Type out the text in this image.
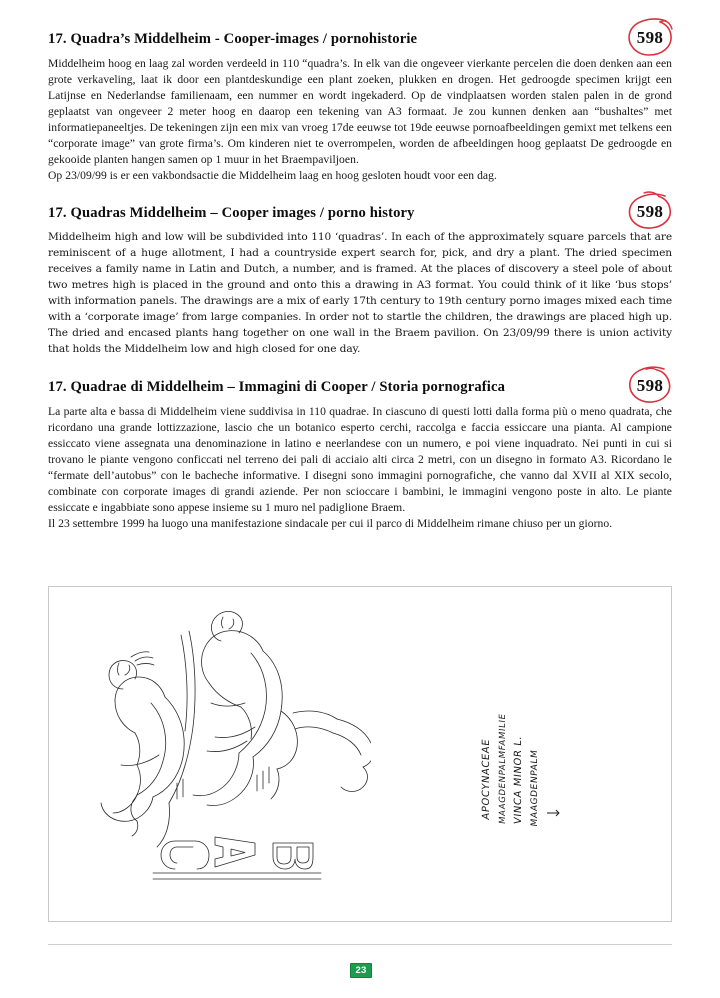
17. Quadra’s Middelheim - Cooper-images / pornohistorie	598

Middelheim hoog en laag zal worden verdeeld in 110 “quadra’s. In elk van die ongeveer vierkante percelen die doen denken aan een grote verkaveling, laat ik door een plantdeskundige een plant zoeken, plukken en drogen. Het gedroogde specimen krijgt een Latijnse en Nederlandse familienaam, een nummer en wordt ingekaderd. Op de vindplaatsen worden stalen palen in de grond geplaatst van ongeveer 2 meter hoog en daarop een tekening van A3 formaat. Je zou kunnen denken aan “bushaltes” met informatiepaneeltjes. De tekeningen zijn een mix van vroeg 17de eeuwse tot 19de eeuwse pornoafbeeldingen gemixt met telkens een “corporate image” van grote firma’s. Om kinderen niet te overrompelen, worden de afbeeldingen hoog geplaatst De gedroogde en gekooide planten hangen samen op 1 muur in het Braempaviljoen.

Op 23/09/99 is er een vakbondsactie die Middelheim laag en hoog gesloten houdt voor een dag.

17. Quadras Middelheim – Cooper images / porno history	598

Middelheim high and low will be subdivided into 110 ‘quadras’. In each of the approximately square parcels that are reminiscent of a huge allotment, I had a countryside expert search for, pick, and dry a plant. The dried specimen receives a family name in Latin and Dutch, a number, and is framed. At the places of discovery a steel pole of about two metres high is placed in the ground and onto this a drawing in A3 format. You could think of it like ‘bus stops’ with information panels. The drawings are a mix of early 17th century to 19th century porno images mixed each time with a ‘corporate image’ from large companies. In order not to startle the children, the drawings are placed high up. The dried and encased plants hang together on one wall in the Braem pavilion. On 23/09/99 there is union activity that holds the Middelheim low and high closed for one day.

17. Quadrae di Middelheim – Immagini di Cooper / Storia pornografica	598

La parte alta e bassa di Middelheim viene suddivisa in 110 quadrae. In ciascuno di questi lotti dalla forma più o meno quadrata, che ricordano una grande lottizzazione, lascio che un botanico esperto cerchi, raccolga e faccia essiccare una pianta. Al campione essiccato viene assegnata una denominazione in latino e neerlandese con un numero, e poi viene inquadrato. Nei punti in cui si trovano le piante vengono conficcati nel terreno dei pali di acciaio alti circa 2 metri, con un disegno in formato A3. Ricordano le “fermate dell’autobus” con le bacheche informative. I disegni sono immagini pornografiche, che vanno dal XVII al XIX secolo, combinate con corporate images di grandi aziende. Per non scioccare i bambini, le immagini vengono poste in alto. Le piante essiccate e ingabbiate sono appese insieme su 1 muro nel padiglione Braem.

Il 23 settembre 1999 ha luogo una manifestazione sindacale per cui il parco di Middelheim rimane chiuso per un giorno.

APOCYNACEAE MAAGDENPALMFAMILIE VINCA MINOR L. MAAGDENPALM
23
